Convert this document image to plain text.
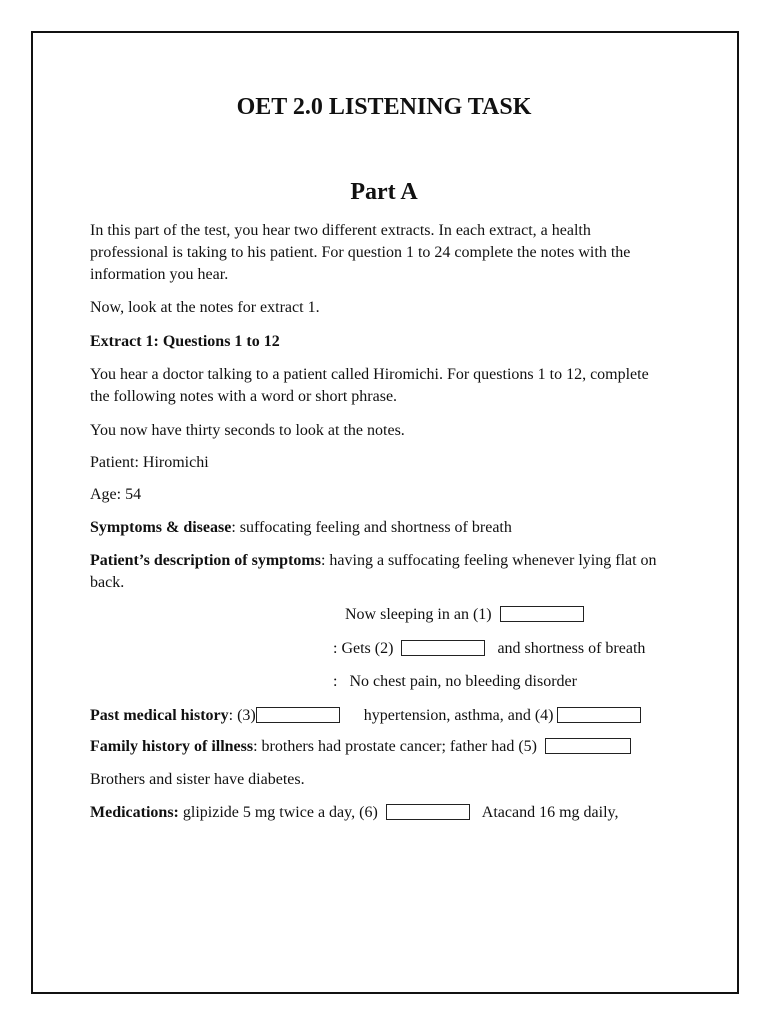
OET 2.0 LISTENING TASK
Part A

In this part of the test, you hear two different extracts. In each extract, a health professional is taking to his patient. For question 1 to 24 complete the notes with the information you hear.

Now, look at the notes for extract 1.

Extract 1: Questions 1 to 12

You hear a doctor talking to a patient called Hiromichi. For questions 1 to 12, complete the following notes with a word or short phrase.

You now have thirty seconds to look at the notes.

Patient: Hiromichi

Age: 54

Symptoms & disease: suffocating feeling and shortness of breath

Patient’s description of symptoms: having a suffocating feeling whenever lying flat on back.

Now sleeping in an (1)
: Gets (2)	and shortness of breath
:   No chest pain, no bleeding disorder

Past medical history: (3)	hypertension, asthma, and (4)

Family history of illness: brothers had prostate cancer; father had (5)

Brothers and sister have diabetes.

Medications: glipizide 5 mg twice a day, (6)	Atacand 16 mg daily,
